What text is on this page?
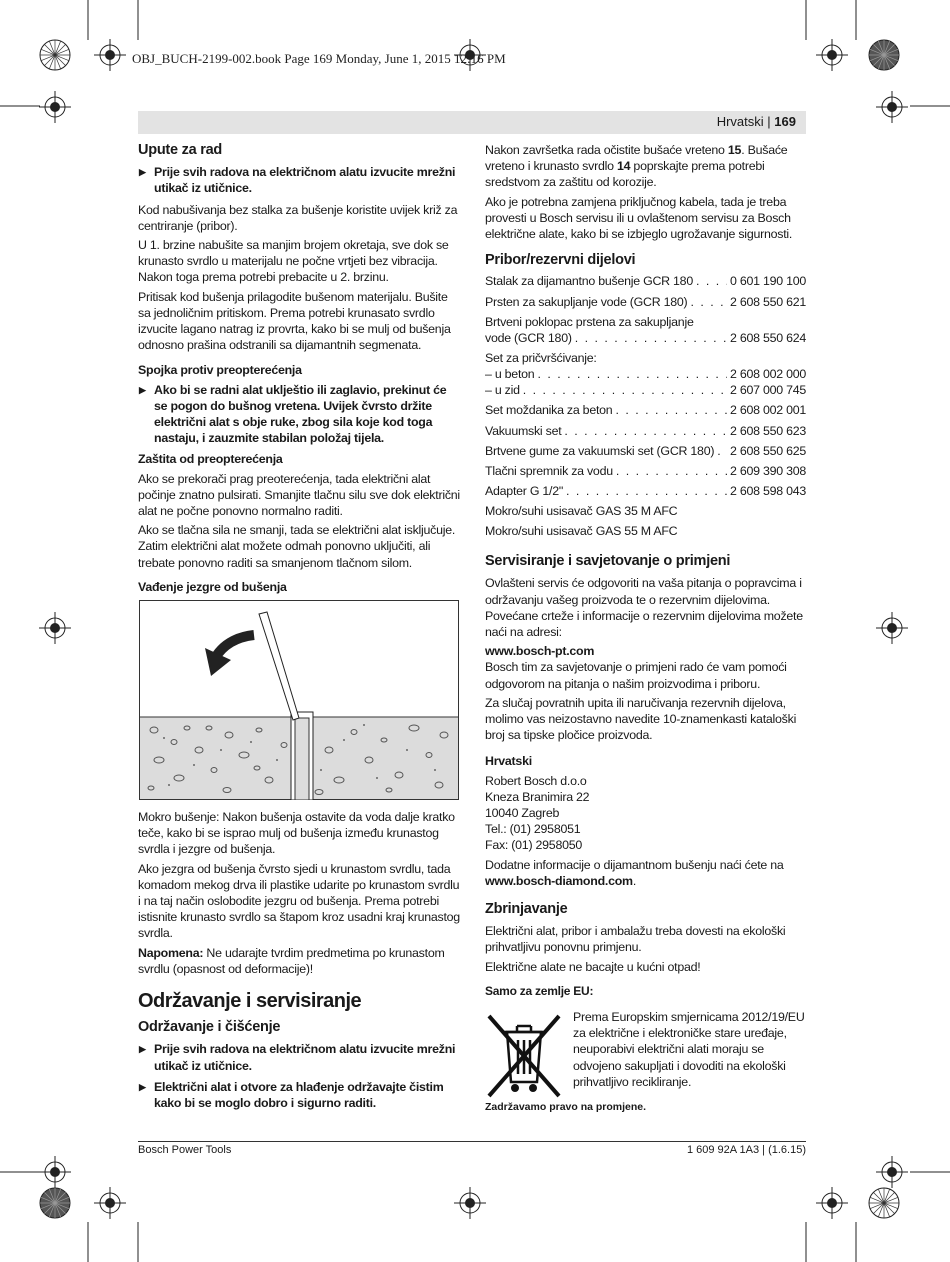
OBJ_BUCH-2199-002.book Page 169 Monday, June 1, 2015 12:16 PM
Hrvatski | 169
Upute za rad
▶ Prije svih radova na električnom alatu izvucite mrežni utikač iz utičnice.

Kod nabušivanja bez stalka za bušenje koristite uvijek križ za centriranje (pribor).

U 1. brzine nabušite sa manjim brojem okretaja, sve dok se krunasto svrdlo u materijalu ne počne vrtjeti bez vibracija. Nakon toga prema potrebi prebacite u 2. brzinu.

Pritisak kod bušenja prilagodite bušenom materijalu. Bušite sa jednoličnim pritiskom. Prema potrebi krunasato svrdlo izvucite lagano natrag iz provrta, kako bi se mulj od bušenja odnosno prašina odstranili sa dijamantnih segmenata.

Spojka protiv preopterećenja
▶ Ako bi se radni alat uklještio ili zaglavio, prekinut će se pogon do bušnog vretena. Uvijek čvrsto držite električni alat s obje ruke, zbog sila koje kod toga nastaju, i zauzmite stabilan položaj tijela.
Zaštita od preopterećenja

Ako se prekorači prag preoterećenja, tada električni alat počinje znatno pulsirati. Smanjite tlačnu silu sve dok električni alat ne počne ponovno normalno raditi.

Ako se tlačna sila ne smanji, tada se električni alat isključuje. Zatim električni alat možete odmah ponovno uključiti, ali trebate ponovno raditi sa smanjenom tlačnom silom.

Vađenje jezgre od bušenja

Mokro bušenje: Nakon bušenja ostavite da voda dalje kratko teče, kako bi se isprao mulj od bušenja između krunastog svrdla i jezgre od bušenja.

Ako jezgra od bušenja čvrsto sjedi u krunastom svrdlu, tada komadom mekog drva ili plastike udarite po krunastom svrdlu i na taj način oslobodite jezgru od bušenja. Prema potrebi istisnite krunasto svrdlo sa štapom kroz usadni kraj krunastog svrdla.

Napomena: Ne udarajte tvrdim predmetima po krunastom svrdlu (opasnost od deformacije)!

Održavanje i servisiranje
Održavanje i čišćenje
▶ Prije svih radova na električnom alatu izvucite mrežni utikač iz utičnice.
▶ Električni alat i otvore za hlađenje održavajte čistim kako bi se moglo dobro i sigurno raditi.

Nakon završetka rada očistite bušaće vreteno 15. Bušaće vreteno i krunasto svrdlo 14 poprskajte prema potrebi sredstvom za zaštitu od korozije.

Ako je potrebna zamjena priključnog kabela, tada je treba provesti u Bosch servisu ili u ovlaštenom servisu za Bosch električne alate, kako bi se izbjeglo ugrožavanje sigurnosti.

Pribor/rezervni dijelovi
Stalak za dijamantno bušenje GCR 180 . . .	0 601 190 100
Prsten za sakupljanje vode (GCR 180) . . .	2 608 550 621
Brtveni poklopac prstena za sakupljanje
vode (GCR 180) . . .	2 608 550 624
Set za pričvršćivanje:
– u beton . . .	2 608 002 000
– u zid . . .	2 607 000 745
Set moždanika za beton . . .	2 608 002 001
Vakuumski set . . .	2 608 550 623
Brtvene gume za vakuumski set (GCR 180) . . . 2 608 550 625
Tlačni spremnik za vodu . . .	2 609 390 308
Adapter G 1/2" . . .	2 608 598 043
Mokro/suhi usisavač GAS 35 M AFC
Mokro/suhi usisavač GAS 55 M AFC
Servisiranje i savjetovanje o primjeni

Ovlašteni servis će odgovoriti na vaša pitanja o popravcima i održavanju vašeg proizvoda te o rezervnim dijelovima. Povećane crteže i informacije o rezervnim dijelovima možete naći na adresi:

www.bosch-pt.com

Bosch tim za savjetovanje o primjeni rado će vam pomoći odgovorom na pitanja o našim proizvodima i priboru.

Za slučaj povratnih upita ili naručivanja rezervnih dijelova, molimo vas neizostavno navedite 10-znamenkasti kataloški broj sa tipske pločice proizvoda.

Hrvatski
Robert Bosch d.o.o
Kneza Branimira 22
10040 Zagreb
Tel.: (01) 2958051
Fax: (01) 2958050

Dodatne informacije o dijamantnom bušenju naći ćete na
www.bosch-diamond.com.

Zbrinjavanje

Električni alat, pribor i ambalažu treba dovesti na ekološki prihvatljivu ponovnu primjenu.

Električne alate ne bacajte u kućni otpad!

Samo za zemlje EU:
Prema Europskim smjernicama 2012/19/EU za električne i elektroničke stare uređaje, neuporabivi električni alati moraju se odvojeno sakupljati i dovoditi na ekološki prihvatljivo recikliranje.
Zadržavamo pravo na promjene.
Bosch Power Tools	1 609 92A 1A3 | (1.6.15)
